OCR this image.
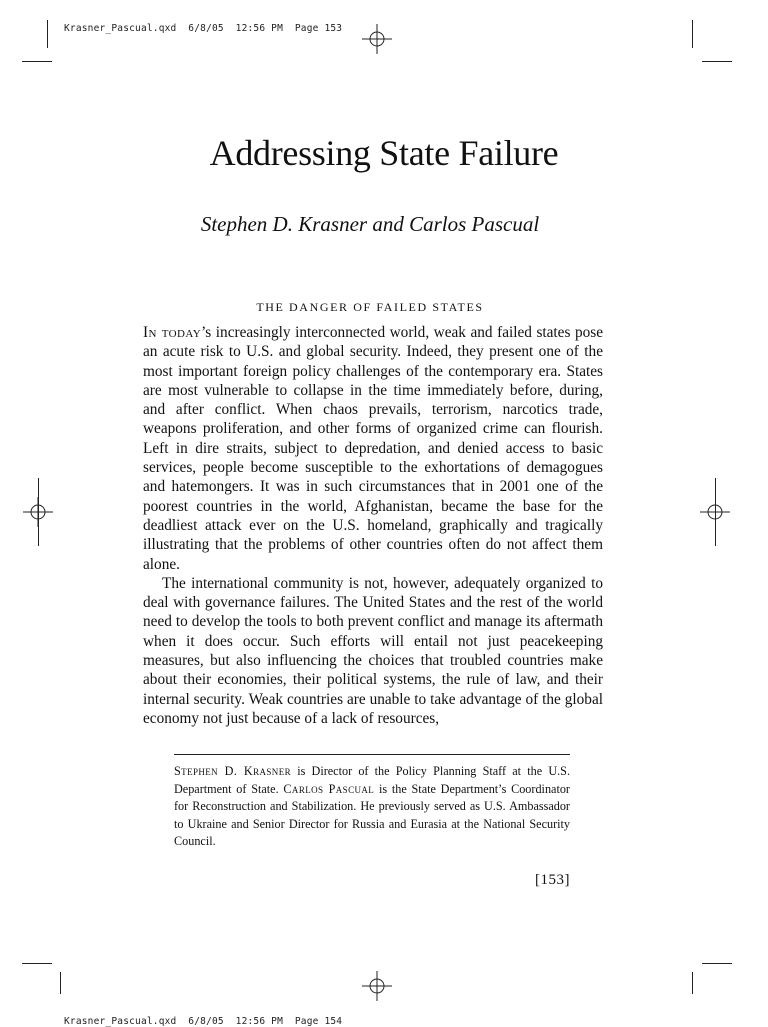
Krasner_Pascual.qxd  6/8/05  12:56 PM  Page 153
Addressing State Failure
Stephen D. Krasner and Carlos Pascual
THE DANGER OF FAILED STATES

In today’s increasingly interconnected world, weak and failed states pose an acute risk to U.S. and global security. Indeed, they present one of the most important foreign policy challenges of the contemporary era. States are most vulnerable to collapse in the time immediately before, during, and after conflict. When chaos prevails, terrorism, narcotics trade, weapons proliferation, and other forms of organized crime can flourish. Left in dire straits, subject to depredation, and denied access to basic services, people become susceptible to the exhortations of demagogues and hatemongers. It was in such circumstances that in 2001 one of the poorest countries in the world, Afghanistan, became the base for the deadliest attack ever on the U.S. homeland, graphically and tragically illustrating that the problems of other countries often do not affect them alone.

The international community is not, however, adequately organized to deal with governance failures. The United States and the rest of the world need to develop the tools to both prevent conflict and manage its aftermath when it does occur. Such efforts will entail not just peacekeeping measures, but also influencing the choices that troubled countries make about their economies, their political systems, the rule of law, and their internal security. Weak countries are unable to take advantage of the global economy not just because of a lack of resources,

Stephen D. Krasner is Director of the Policy Planning Staff at the U.S. Department of State. Carlos Pascual is the State Department’s Coordinator for Reconstruction and Stabilization. He previously served as U.S. Ambassador to Ukraine and Senior Director for Russia and Eurasia at the National Security Council.

[153]
Krasner_Pascual.qxd  6/8/05  12:56 PM  Page 154
